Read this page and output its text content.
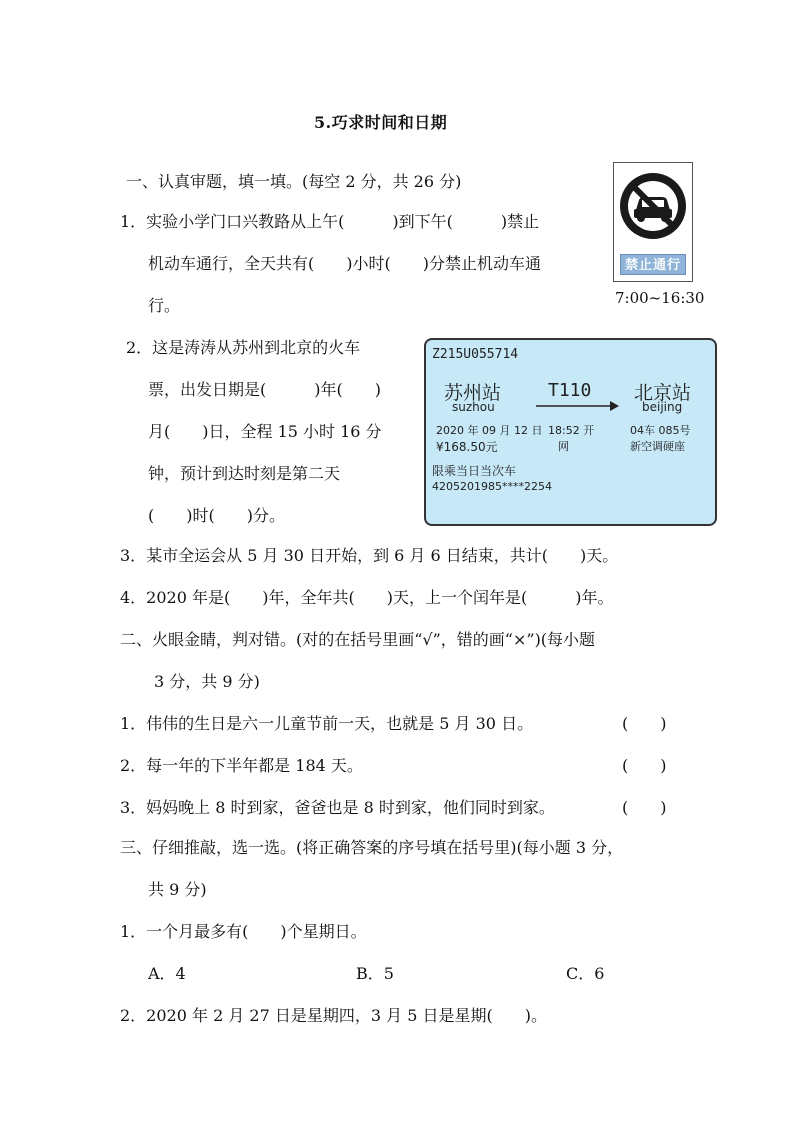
5.巧求时间和日期
一、认真审题，填一填。(每空 2 分，共 26 分)
1．实验小学门口兴教路从上午(　　　)到下午(　　　)禁止
机动车通行，全天共有(　　)小时(　　)分禁止机动车通
行。
禁止通行
7:00~16:30
2．这是涛涛从苏州到北京的火车
票，出发日期是(　　　)年(　　)
月(　　)日，全程 15 小时 16 分
钟，预计到达时刻是第二天
(　　)时(　　)分。
Z215U055714
苏州站
suzhou
T110 北京站
beijing
2020 年 09 月 12 日 18:52 开	04车 085号
¥168.50元	网	新空调硬座
限乘当日当次车
4205201985****2254
3．某市全运会从 5 月 30 日开始，到 6 月 6 日结束，共计(　　)天。
4．2020 年是(　　)年，全年共(　　)天，上一个闰年是(　　　)年。
二、火眼金睛，判对错。(对的在括号里画“√”，错的画“×”)(每小题
3 分，共 9 分)
1．伟伟的生日是六一儿童节前一天，也就是 5 月 30 日。	(　　)
2．每一年的下半年都是 184 天。	(　　)
3．妈妈晚上 8 时到家，爸爸也是 8 时到家，他们同时到家。	(　　)
三、仔细推敲，选一选。(将正确答案的序号填在括号里)(每小题 3 分，
共 9 分)
1．一个月最多有(　　)个星期日。
A．4	B．5	C．6
2．2020 年 2 月 27 日是星期四，3 月 5 日是星期(　　)。
